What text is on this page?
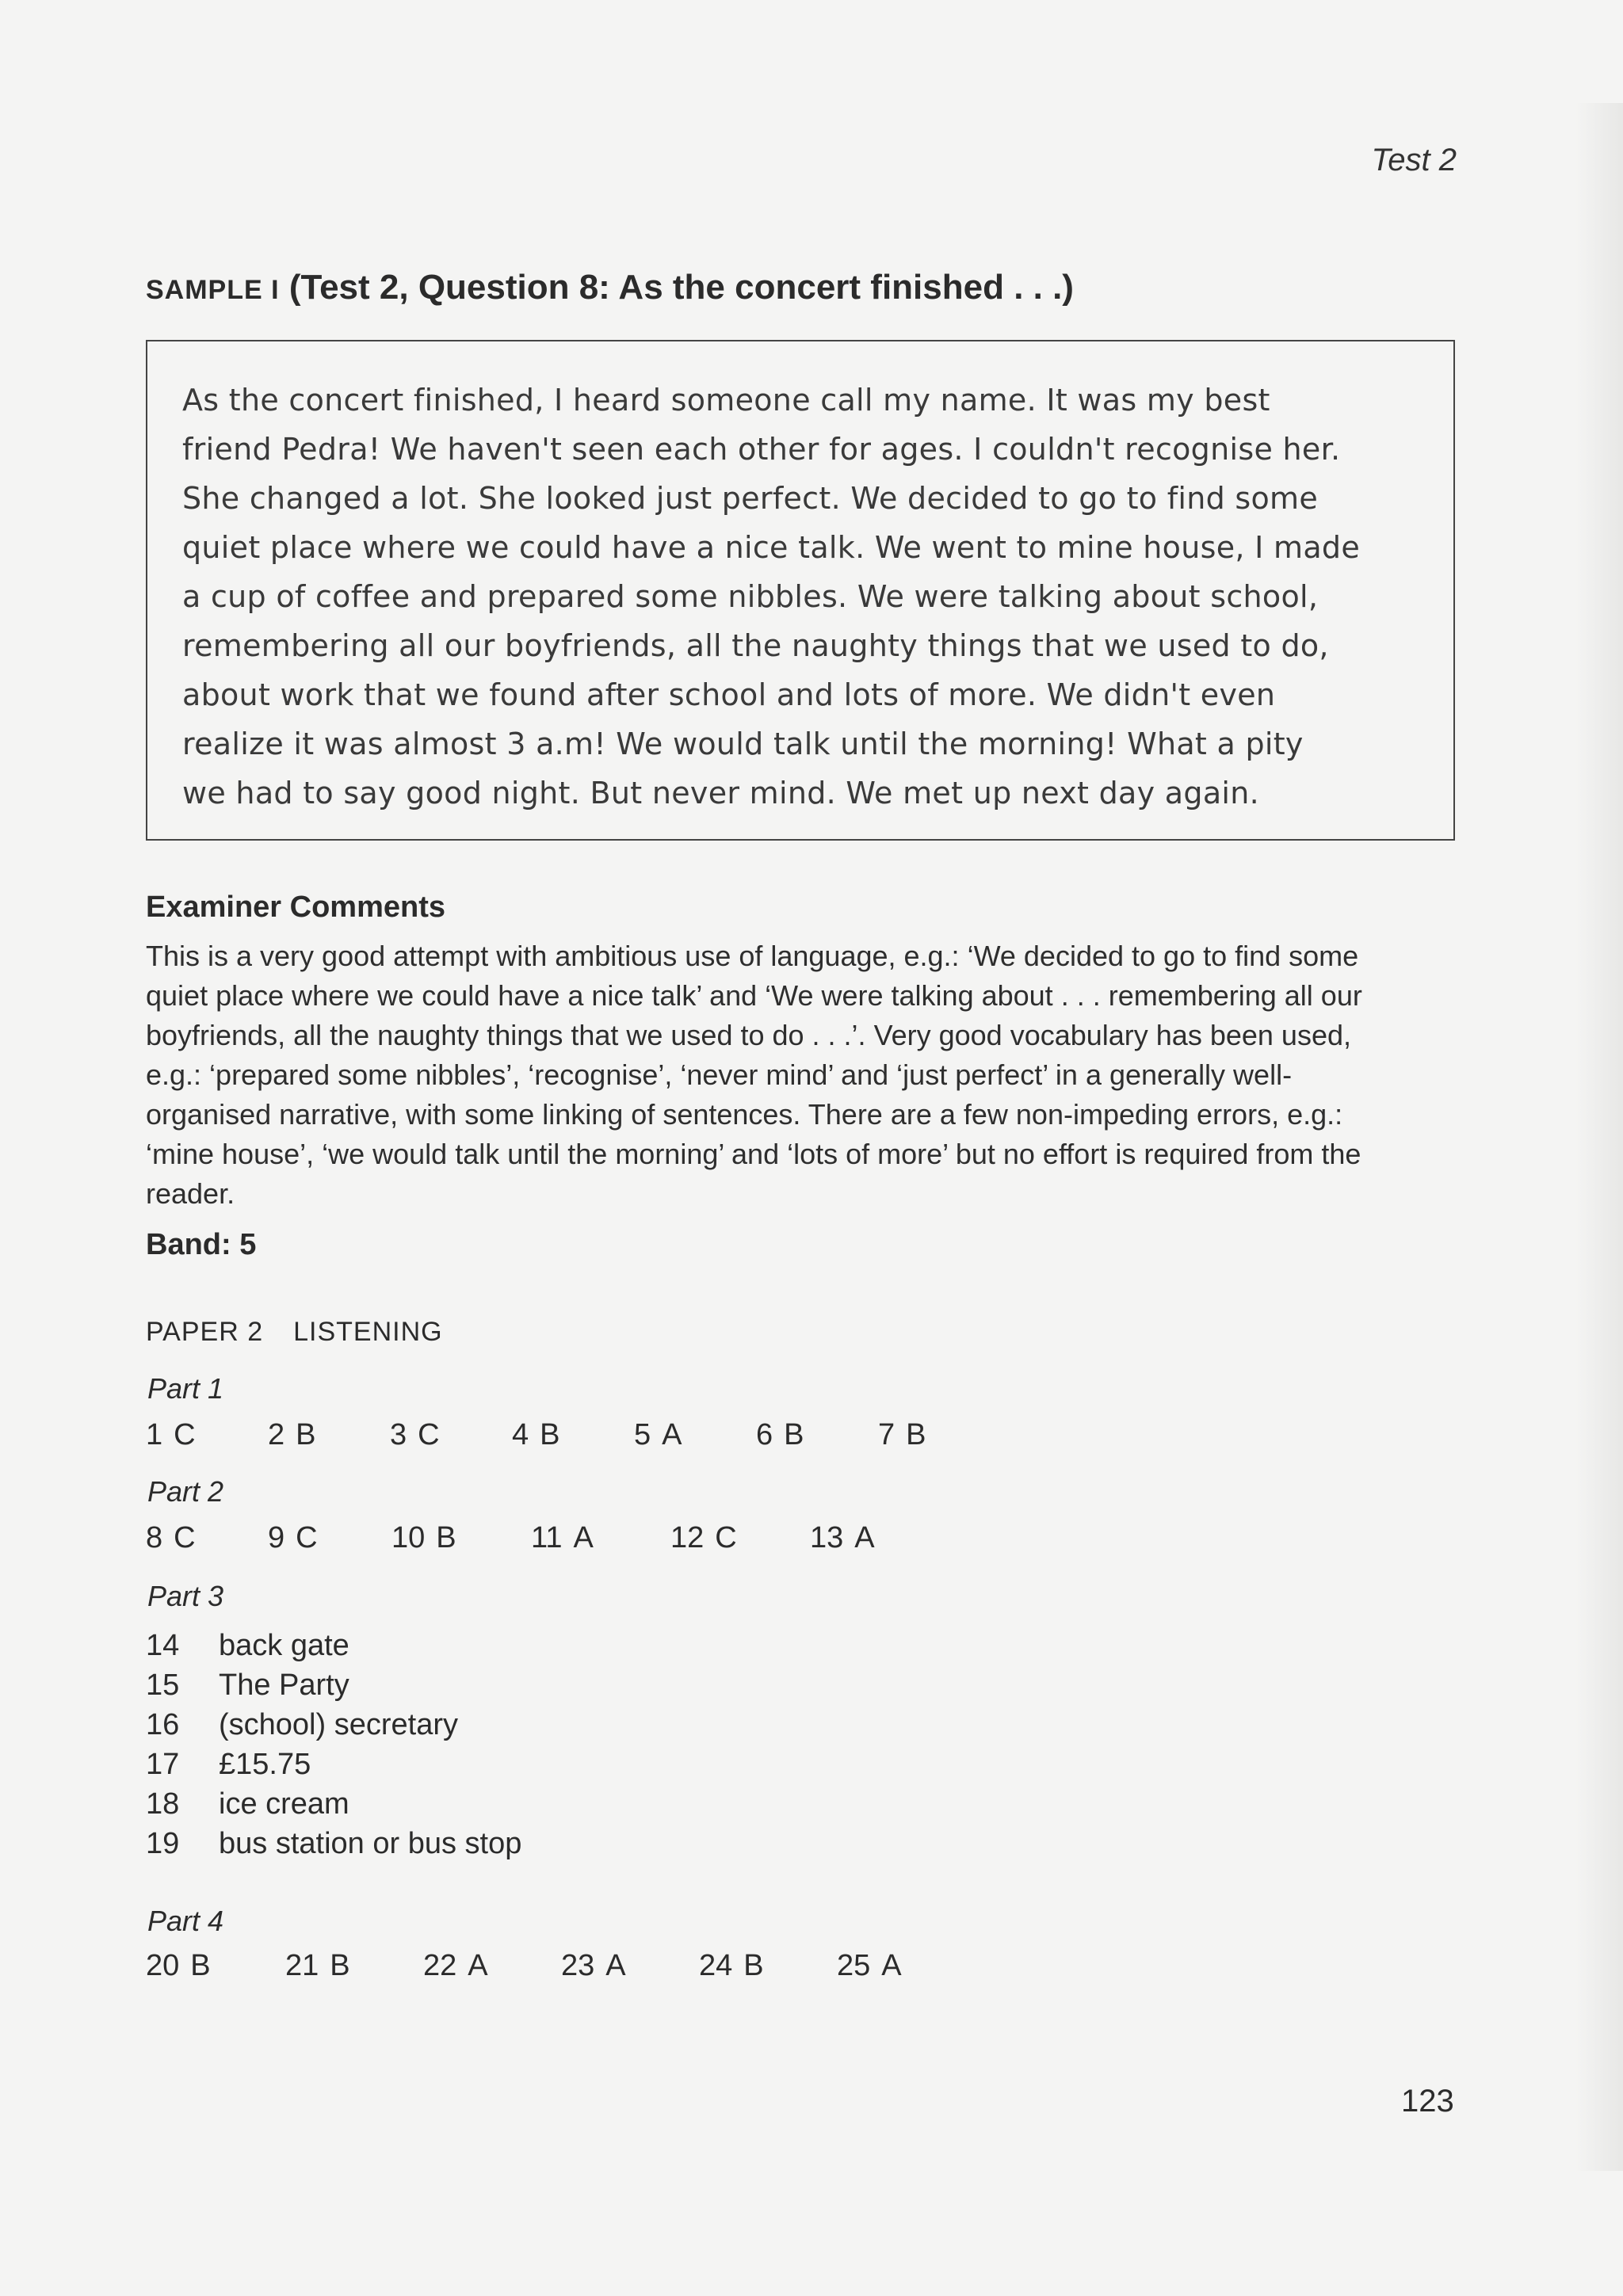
Test 2

SAMPLE I (Test 2, Question 8: As the concert finished . . .)

As the concert finished, I heard someone call my name. It was my best
friend Pedra! We haven't seen each other for ages. I couldn't recognise her.
She changed a lot. She looked just perfect. We decided to go to find some
quiet place where we could have a nice talk. We went to mine house, I made
a cup of coffee and prepared some nibbles. We were talking about school,
remembering all our boyfriends, all the naughty things that we used to do,
about work that we found after school and lots of more. We didn't even
realize it was almost 3 a.m! We would talk until the morning! What a pity
we had to say good night. But never mind. We met up next day again.

Examiner Comments

This is a very good attempt with ambitious use of language, e.g.: ‘We decided to go to find some
quiet place where we could have a nice talk’ and ‘We were talking about . . . remembering all our
boyfriends, all the naughty things that we used to do . . .’. Very good vocabulary has been used,
e.g.: ‘prepared some nibbles’, ‘recognise’, ‘never mind’ and ‘just perfect’ in a generally well-
organised narrative, with some linking of sentences. There are a few non-impeding errors, e.g.:
‘mine house’, ‘we would talk until the morning’ and ‘lots of more’ but no effort is required from the
reader.

Band: 5

PAPER 2 LISTENING

Part 1
1 C 2 B 3 C 4 B 5 A 6 B 7 B
Part 2
8 C 9 C 10 B 11 A	12 C 13 A
Part 3
14 back gate
15 The Party
16 (school) secretary
17 £15.75
18 ice cream
19 bus station or bus stop
Part 4
20 B 21 B 22 A 23 A 24 B 25 A

123
